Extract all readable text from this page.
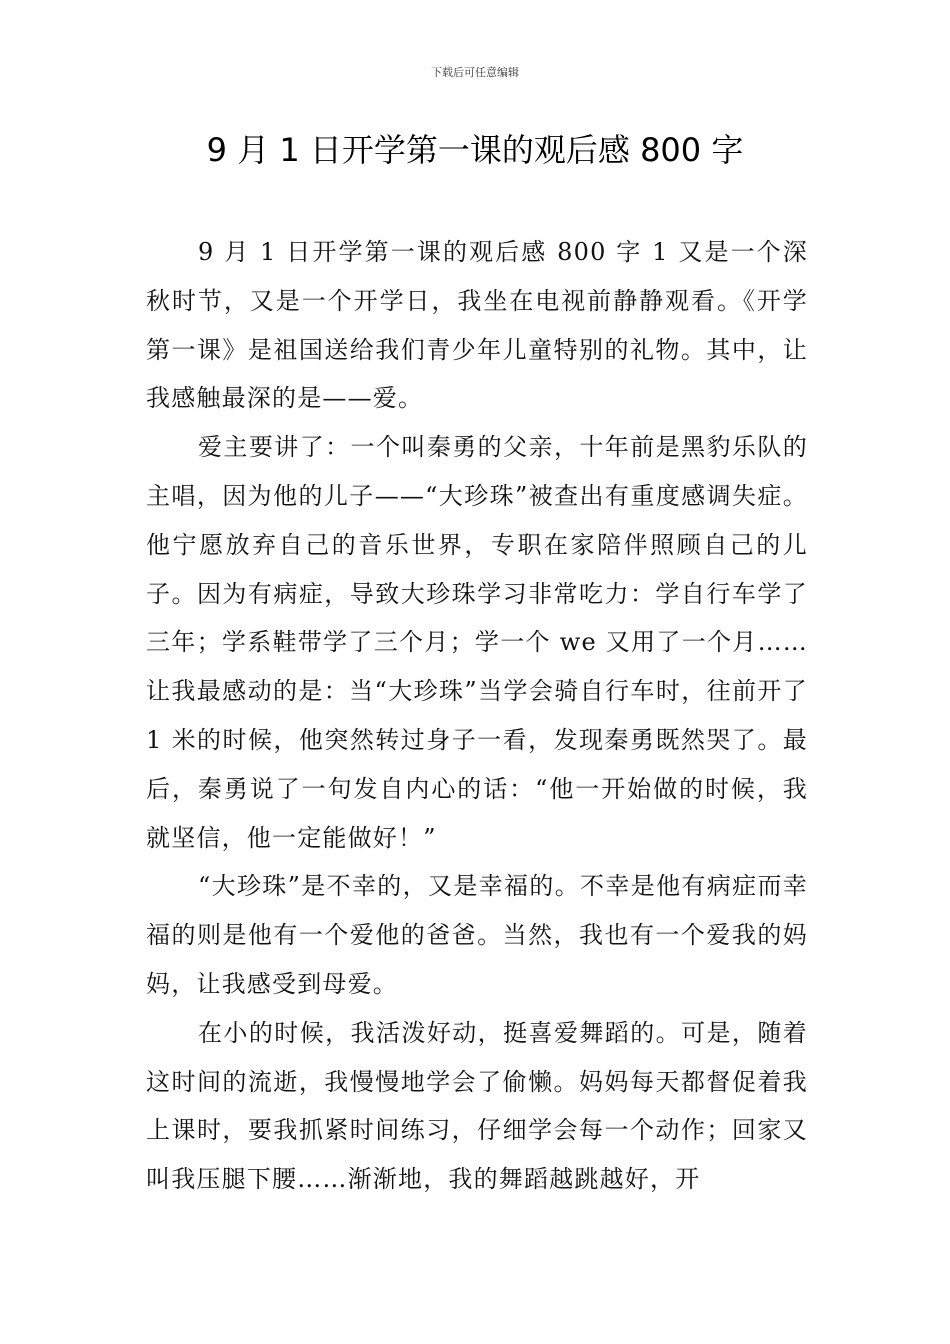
下载后可任意编辑
9 月 1 日开学第一课的观后感 800 字

9 月 1 日开学第一课的观后感 800 字 1 又是一个深秋时节，又是一个开学日，我坐在电视前静静观看。《开学第一课》是祖国送给我们青少年儿童特别的礼物。其中，让我感触最深的是——爱。

爱主要讲了：一个叫秦勇的父亲，十年前是黑豹乐队的主唱，因为他的儿子——“大珍珠”被查出有重度感调失症。他宁愿放弃自己的音乐世界，专职在家陪伴照顾自己的儿子。因为有病症，导致大珍珠学习非常吃力：学自行车学了三年；学系鞋带学了三个月；学一个 we 又用了一个月……让我最感动的是：当“大珍珠”当学会骑自行车时，往前开了 1 米的时候，他突然转过身子一看，发现秦勇既然哭了。最后，秦勇说了一句发自内心的话：“他一开始做的时候，我就坚信，他一定能做好！”

“大珍珠”是不幸的，又是幸福的。不幸是他有病症而幸福的则是他有一个爱他的爸爸。当然，我也有一个爱我的妈妈，让我感受到母爱。

在小的时候，我活泼好动，挺喜爱舞蹈的。可是，随着这时间的流逝，我慢慢地学会了偷懒。妈妈每天都督促着我上课时，要我抓紧时间练习，仔细学会每一个动作；回家又叫我压腿下腰……渐渐地，我的舞蹈越跳越好，开
